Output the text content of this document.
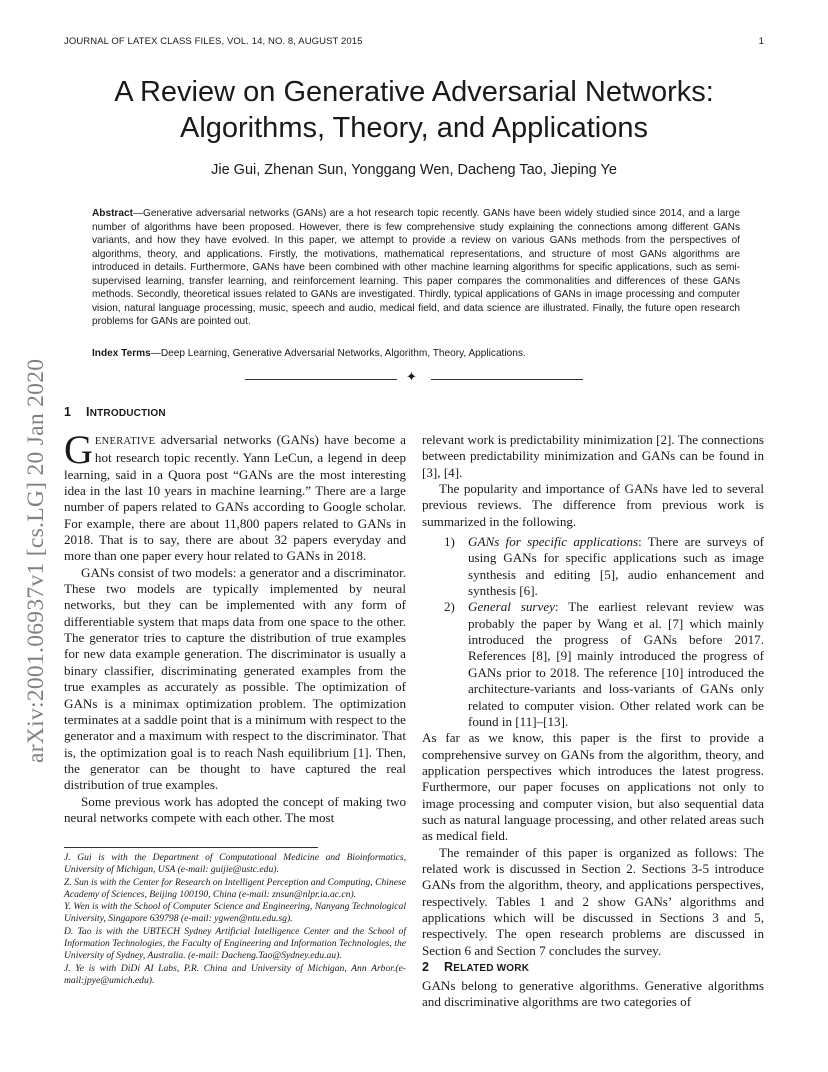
JOURNAL OF LATEX CLASS FILES, VOL. 14, NO. 8, AUGUST 2015	1
arXiv:2001.06937v1 [cs.LG] 20 Jan 2020
A Review on Generative Adversarial Networks:
Algorithms, Theory, and Applications
Jie Gui, Zhenan Sun, Yonggang Wen, Dacheng Tao, Jieping Ye
Abstract—Generative adversarial networks (GANs) are a hot research topic recently. GANs have been widely studied since 2014, and a large number of algorithms have been proposed. However, there is few comprehensive study explaining the connections among different GANs variants, and how they have evolved. In this paper, we attempt to provide a review on various GANs methods from the perspectives of algorithms, theory, and applications. Firstly, the motivations, mathematical representations, and structure of most GANs algorithms are introduced in details. Furthermore, GANs have been combined with other machine learning algorithms for specific applications, such as semi-supervised learning, transfer learning, and reinforcement learning. This paper compares the commonalities and differences of these GANs methods. Secondly, theoretical issues related to GANs are investigated. Thirdly, typical applications of GANs in image processing and computer vision, natural language processing, music, speech and audio, medical field, and data science are illustrated. Finally, the future open research problems for GANs are pointed out.
Index Terms—Deep Learning, Generative Adversarial Networks, Algorithm, Theory, Applications.
✦
1 INTRODUCTION

GENERATIVE adversarial networks (GANs) have become a hot research topic recently. Yann LeCun, a legend in deep learning, said in a Quora post “GANs are the most interesting idea in the last 10 years in machine learning.” There are a large number of papers related to GANs according to Google scholar. For example, there are about 11,800 papers related to GANs in 2018. That is to say, there are about 32 papers everyday and more than one paper every hour related to GANs in 2018.

GANs consist of two models: a generator and a discriminator. These two models are typically implemented by neural networks, but they can be implemented with any form of differentiable system that maps data from one space to the other. The generator tries to capture the distribution of true examples for new data example generation. The discriminator is usually a binary classifier, discriminating generated examples from the true examples as accurately as possible. The optimization of GANs is a minimax optimization problem. The optimization terminates at a saddle point that is a minimum with respect to the generator and a maximum with respect to the discriminator. That is, the optimization goal is to reach Nash equilibrium [1]. Then, the generator can be thought to have captured the real distribution of true examples.

Some previous work has adopted the concept of making two neural networks compete with each other. The most

J. Gui is with the Department of Computational Medicine and Bioinformatics, University of Michigan, USA (e-mail: guijie@ustc.edu).
Z. Sun is with the Center for Research on Intelligent Perception and Computing, Chinese Academy of Sciences, Beijing 100190, China (e-mail: znsun@nlpr.ia.ac.cn).
Y. Wen is with the School of Computer Science and Engineering, Nanyang Technological University, Singapore 639798 (e-mail: ygwen@ntu.edu.sg).
D. Tao is with the UBTECH Sydney Artificial Intelligence Center and the School of Information Technologies, the Faculty of Engineering and Information Technologies, the University of Sydney, Australia. (e-mail: Dacheng.Tao@Sydney.edu.au).
J. Ye is with DiDi AI Labs, P.R. China and University of Michigan, Ann Arbor.(e-mail:jpye@umich.edu).

relevant work is predictability minimization [2]. The connections between predictability minimization and GANs can be found in [3], [4].

The popularity and importance of GANs have led to several previous reviews. The difference from previous work is summarized in the following.

1) GANs for specific applications: There are surveys of using GANs for specific applications such as image synthesis and editing [5], audio enhancement and synthesis [6].
2) General survey: The earliest relevant review was probably the paper by Wang et al. [7] which mainly introduced the progress of GANs before 2017. References [8], [9] mainly introduced the progress of GANs prior to 2018. The reference [10] introduced the architecture-variants and loss-variants of GANs only related to computer vision. Other related work can be found in [11]–[13].

As far as we know, this paper is the first to provide a comprehensive survey on GANs from the algorithm, theory, and application perspectives which introduces the latest progress. Furthermore, our paper focuses on applications not only to image processing and computer vision, but also sequential data such as natural language processing, and other related areas such as medical field.

The remainder of this paper is organized as follows: The related work is discussed in Section 2. Sections 3-5 introduce GANs from the algorithm, theory, and applications perspectives, respectively. Tables 1 and 2 show GANs’ algorithms and applications which will be discussed in Sections 3 and 5, respectively. The open research problems are discussed in Section 6 and Section 7 concludes the survey.

2 RELATED WORK

GANs belong to generative algorithms. Generative algorithms and discriminative algorithms are two categories of
